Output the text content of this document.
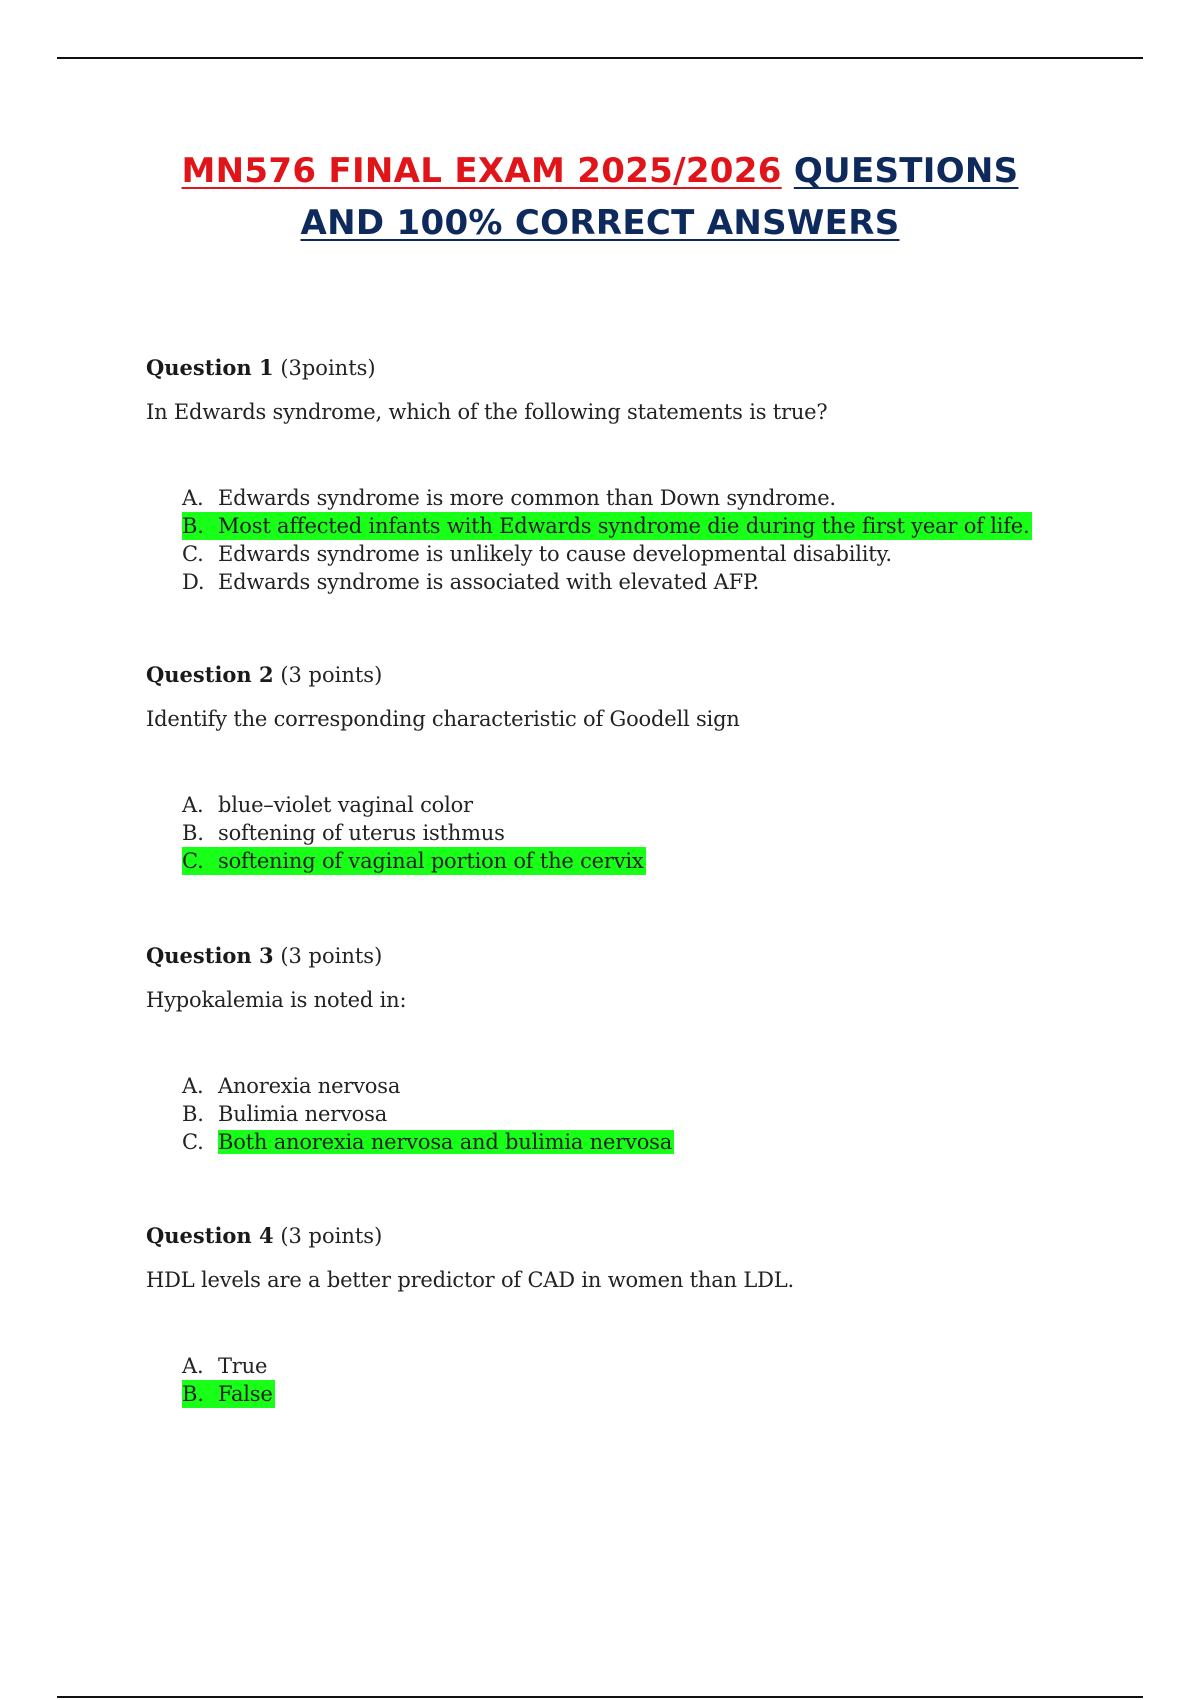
MN576 FINAL EXAM 2025/2026 QUESTIONS
AND 100% CORRECT ANSWERS
Question 1 (3points)
In Edwards syndrome, which of the following statements is true?
A. Edwards syndrome is more common than Down syndrome.
B. Most affected infants with Edwards syndrome die during the first year of life.
C. Edwards syndrome is unlikely to cause developmental disability.
D. Edwards syndrome is associated with elevated AFP.
Question 2 (3 points)
Identify the corresponding characteristic of Goodell sign
A. blue–violet vaginal color
B. softening of uterus isthmus
C. softening of vaginal portion of the cervix
Question 3 (3 points)
Hypokalemia is noted in:
A. Anorexia nervosa
B. Bulimia nervosa
C. Both anorexia nervosa and bulimia nervosa
Question 4 (3 points)
HDL levels are a better predictor of CAD in women than LDL.
A. True
B. False
